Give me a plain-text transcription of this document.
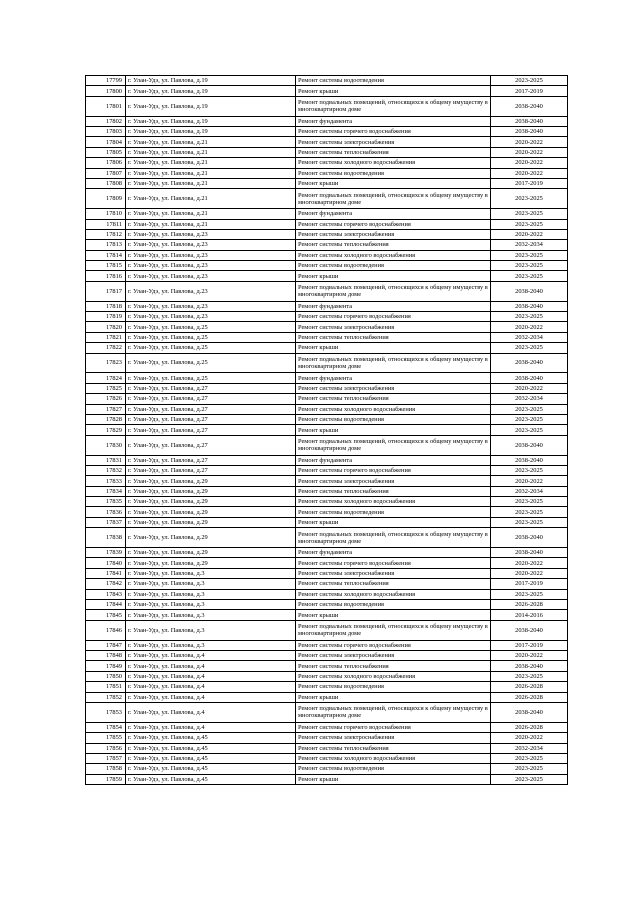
17799	г. Улан-Удэ, ул. Павлова, д.19	Ремонт системы водоотведения	2023-2025
17800	г. Улан-Удэ, ул. Павлова, д.19	Ремонт крыши	2017-2019
17801	г. Улан-Удэ, ул. Павлова, д.19	Ремонт подвальных помещений, относящихся к общему имуществу в многоквартирном доме	2038-2040
17802	г. Улан-Удэ, ул. Павлова, д.19	Ремонт фундамента	2038-2040
17803	г. Улан-Удэ, ул. Павлова, д.19	Ремонт системы горячего водоснабжения	2038-2040
17804	г. Улан-Удэ, ул. Павлова, д.21	Ремонт системы электроснабжения	2020-2022
17805	г. Улан-Удэ, ул. Павлова, д.21	Ремонт системы теплоснабжения	2020-2022
17806	г. Улан-Удэ, ул. Павлова, д.21	Ремонт системы холодного водоснабжения	2020-2022
17807	г. Улан-Удэ, ул. Павлова, д.21	Ремонт системы водоотведения	2020-2022
17808	г. Улан-Удэ, ул. Павлова, д.21	Ремонт крыши	2017-2019
17809	г. Улан-Удэ, ул. Павлова, д.21	Ремонт подвальных помещений, относящихся к общему имуществу в многоквартирном доме	2023-2025
17810	г. Улан-Удэ, ул. Павлова, д.21	Ремонт фундамента	2023-2025
17811	г. Улан-Удэ, ул. Павлова, д.21	Ремонт системы горячего водоснабжения	2023-2025
17812	г. Улан-Удэ, ул. Павлова, д.23	Ремонт системы электроснабжения	2020-2022
17813	г. Улан-Удэ, ул. Павлова, д.23	Ремонт системы теплоснабжения	2032-2034
17814	г. Улан-Удэ, ул. Павлова, д.23	Ремонт системы холодного водоснабжения	2023-2025
17815	г. Улан-Удэ, ул. Павлова, д.23	Ремонт системы водоотведения	2023-2025
17816	г. Улан-Удэ, ул. Павлова, д.23	Ремонт крыши	2023-2025
17817	г. Улан-Удэ, ул. Павлова, д.23	Ремонт подвальных помещений, относящихся к общему имуществу в многоквартирном доме	2038-2040
17818	г. Улан-Удэ, ул. Павлова, д.23	Ремонт фундамента	2038-2040
17819	г. Улан-Удэ, ул. Павлова, д.23	Ремонт системы горячего водоснабжения	2023-2025
17820	г. Улан-Удэ, ул. Павлова, д.25	Ремонт системы электроснабжения	2020-2022
17821	г. Улан-Удэ, ул. Павлова, д.25	Ремонт системы теплоснабжения	2032-2034
17822	г. Улан-Удэ, ул. Павлова, д.25	Ремонт крыши	2023-2025
17823	г. Улан-Удэ, ул. Павлова, д.25	Ремонт подвальных помещений, относящихся к общему имуществу в многоквартирном доме	2038-2040
17824	г. Улан-Удэ, ул. Павлова, д.25	Ремонт фундамента	2038-2040
17825	г. Улан-Удэ, ул. Павлова, д.27	Ремонт системы электроснабжения	2020-2022
17826	г. Улан-Удэ, ул. Павлова, д.27	Ремонт системы теплоснабжения	2032-2034
17827	г. Улан-Удэ, ул. Павлова, д.27	Ремонт системы холодного водоснабжения	2023-2025
17828	г. Улан-Удэ, ул. Павлова, д.27	Ремонт системы водоотведения	2023-2025
17829	г. Улан-Удэ, ул. Павлова, д.27	Ремонт крыши	2023-2025
17830	г. Улан-Удэ, ул. Павлова, д.27	Ремонт подвальных помещений, относящихся к общему имуществу в многоквартирном доме	2038-2040
17831	г. Улан-Удэ, ул. Павлова, д.27	Ремонт фундамента	2038-2040
17832	г. Улан-Удэ, ул. Павлова, д.27	Ремонт системы горячего водоснабжения	2023-2025
17833	г. Улан-Удэ, ул. Павлова, д.29	Ремонт системы электроснабжения	2020-2022
17834	г. Улан-Удэ, ул. Павлова, д.29	Ремонт системы теплоснабжения	2032-2034
17835	г. Улан-Удэ, ул. Павлова, д.29	Ремонт системы холодного водоснабжения	2023-2025
17836	г. Улан-Удэ, ул. Павлова, д.29	Ремонт системы водоотведения	2023-2025
17837	г. Улан-Удэ, ул. Павлова, д.29	Ремонт крыши	2023-2025
17838	г. Улан-Удэ, ул. Павлова, д.29	Ремонт подвальных помещений, относящихся к общему имуществу в многоквартирном доме	2038-2040
17839	г. Улан-Удэ, ул. Павлова, д.29	Ремонт фундамента	2038-2040
17840	г. Улан-Удэ, ул. Павлова, д.29	Ремонт системы горячего водоснабжения	2020-2022
17841	г. Улан-Удэ, ул. Павлова, д.3	Ремонт системы электроснабжения	2020-2022
17842	г. Улан-Удэ, ул. Павлова, д.3	Ремонт системы теплоснабжения	2017-2019
17843	г. Улан-Удэ, ул. Павлова, д.3	Ремонт системы холодного водоснабжения	2023-2025
17844	г. Улан-Удэ, ул. Павлова, д.3	Ремонт системы водоотведения	2026-2028
17845	г. Улан-Удэ, ул. Павлова, д.3	Ремонт крыши	2014-2016
17846	г. Улан-Удэ, ул. Павлова, д.3	Ремонт подвальных помещений, относящихся к общему имуществу в многоквартирном доме	2038-2040
17847	г. Улан-Удэ, ул. Павлова, д.3	Ремонт системы горячего водоснабжения	2017-2019
17848	г. Улан-Удэ, ул. Павлова, д.4	Ремонт системы электроснабжения	2020-2022
17849	г. Улан-Удэ, ул. Павлова, д.4	Ремонт системы теплоснабжения	2038-2040
17850	г. Улан-Удэ, ул. Павлова, д.4	Ремонт системы холодного водоснабжения	2023-2025
17851	г. Улан-Удэ, ул. Павлова, д.4	Ремонт системы водоотведения	2026-2028
17852	г. Улан-Удэ, ул. Павлова, д.4	Ремонт крыши	2026-2028
17853	г. Улан-Удэ, ул. Павлова, д.4	Ремонт подвальных помещений, относящихся к общему имуществу в многоквартирном доме	2038-2040
17854	г. Улан-Удэ, ул. Павлова, д.4	Ремонт системы горячего водоснабжения	2026-2028
17855	г. Улан-Удэ, ул. Павлова, д.45	Ремонт системы электроснабжения	2020-2022
17856	г. Улан-Удэ, ул. Павлова, д.45	Ремонт системы теплоснабжения	2032-2034
17857	г. Улан-Удэ, ул. Павлова, д.45	Ремонт системы холодного водоснабжения	2023-2025
17858	г. Улан-Удэ, ул. Павлова, д.45	Ремонт системы водоотведения	2023-2025
17859	г. Улан-Удэ, ул. Павлова, д.45	Ремонт крыши	2023-2025
